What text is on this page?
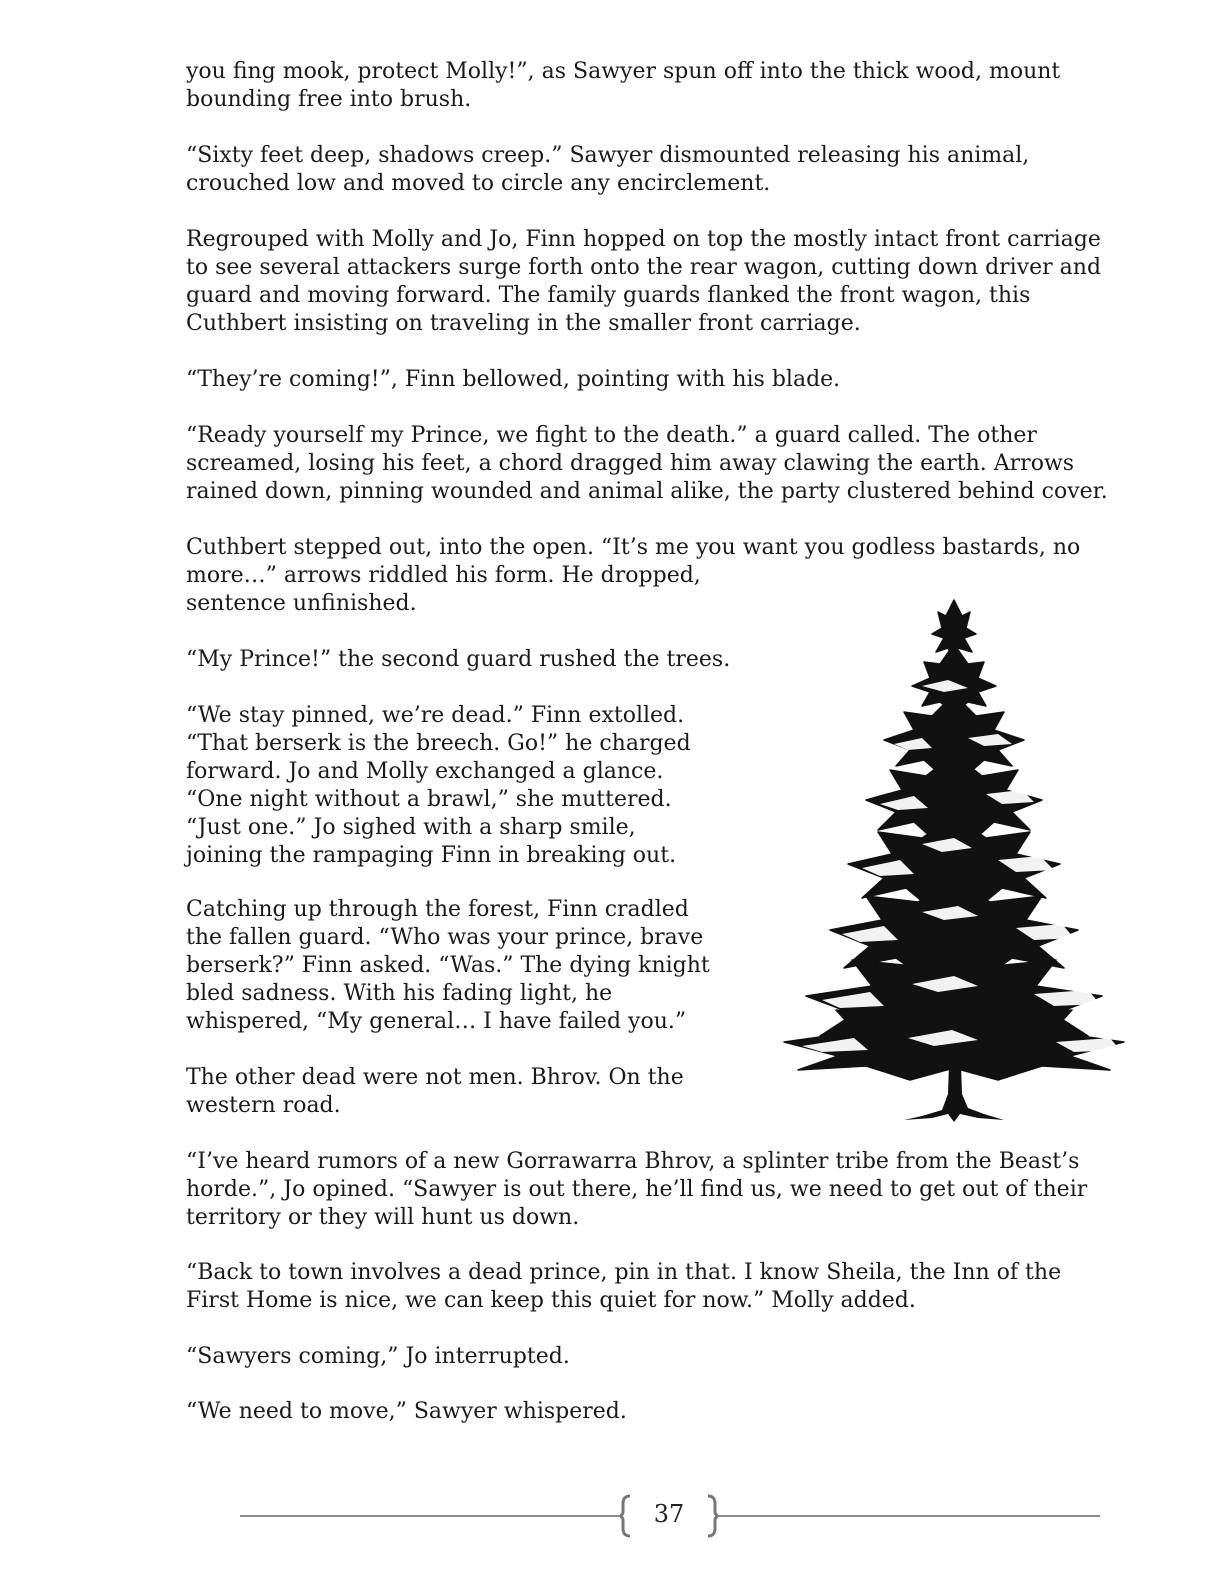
you fing mook, protect Molly!”, as Sawyer spun off into the thick wood, mount
bounding free into brush.

“Sixty feet deep, shadows creep.” Sawyer dismounted releasing his animal,
crouched low and moved to circle any encirclement.

Regrouped with Molly and Jo, Finn hopped on top the mostly intact front carriage
to see several attackers surge forth onto the rear wagon, cutting down driver and
guard and moving forward. The family guards flanked the front wagon, this
Cuthbert insisting on traveling in the smaller front carriage.

“They’re coming!”, Finn bellowed, pointing with his blade.

“Ready yourself my Prince, we fight to the death.” a guard called. The other
screamed, losing his feet, a chord dragged him away clawing the earth. Arrows
rained down, pinning wounded and animal alike, the party clustered behind cover.

Cuthbert stepped out, into the open. “It’s me you want you godless bastards, no
more…” arrows riddled his form. He dropped,
sentence unfinished.

“My Prince!” the second guard rushed the trees.

“We stay pinned, we’re dead.” Finn extolled.
“That berserk is the breech. Go!” he charged
forward. Jo and Molly exchanged a glance.
“One night without a brawl,” she muttered.
“Just one.” Jo sighed with a sharp smile,
joining the rampaging Finn in breaking out.

Catching up through the forest, Finn cradled
the fallen guard. “Who was your prince, brave
berserk?” Finn asked. “Was.” The dying knight
bled sadness. With his fading light, he
whispered, “My general… I have failed you.”

The other dead were not men. Bhrov. On the
western road.

“I’ve heard rumors of a new Gorrawarra Bhrov, a splinter tribe from the Beast’s
horde.”, Jo opined. “Sawyer is out there, he’ll find us, we need to get out of their
territory or they will hunt us down.

“Back to town involves a dead prince, pin in that. I know Sheila, the Inn of the
First Home is nice, we can keep this quiet for now.” Molly added.

“Sawyers coming,” Jo interrupted.

“We need to move,” Sawyer whispered.

37
